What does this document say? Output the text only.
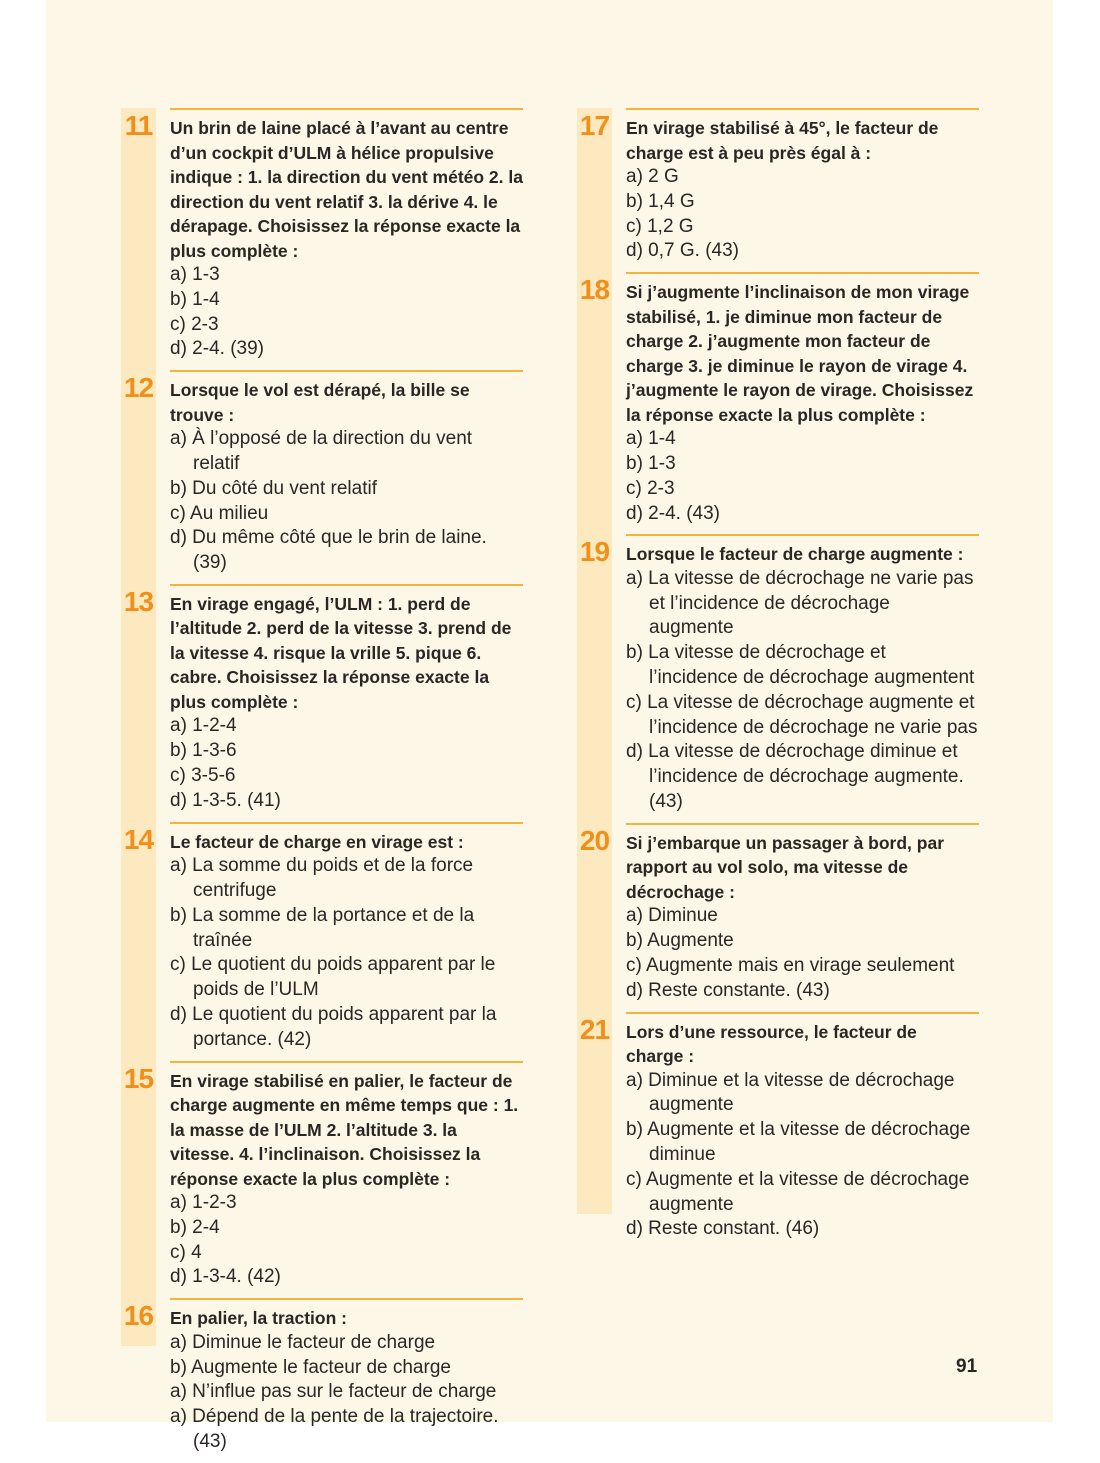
11 Un brin de laine placé à l’avant au centre d’un cockpit d’ULM à hélice propulsive indique : 1. la direction du vent météo 2. la direction du vent relatif 3. la dérive 4. le dérapage. Choisissez la réponse exacte la plus complète :
a) 1-3
b) 1-4
c) 2-3
d) 2-4. (39)
12 Lorsque le vol est dérapé, la bille se trouve :
a) À l’opposé de la direction du vent relatif
b) Du côté du vent relatif
c) Au milieu
d) Du même côté que le brin de laine. (39)
13 En virage engagé, l’ULM : 1. perd de l’altitude 2. perd de la vitesse 3. prend de la vitesse 4. risque la vrille 5. pique 6. cabre. Choisissez la réponse exacte la plus complète :
a) 1-2-4
b) 1-3-6
c) 3-5-6
d) 1-3-5. (41)
14 Le facteur de charge en virage est :
a) La somme du poids et de la force centrifuge
b) La somme de la portance et de la traînée
c) Le quotient du poids apparent par le poids de l’ULM
d) Le quotient du poids apparent par la portance. (42)
15 En virage stabilisé en palier, le facteur de charge augmente en même temps que : 1. la masse de l’ULM 2. l’altitude 3. la vitesse. 4. l’inclinaison. Choisissez la réponse exacte la plus complète :
a) 1-2-3
b) 2-4
c) 4
d) 1-3-4. (42)
16 En palier, la traction :
a) Diminue le facteur de charge
b) Augmente le facteur de charge
a) N’influe pas sur le facteur de charge
a) Dépend de la pente de la trajectoire. (43)
17 En virage stabilisé à 45°, le facteur de charge est à peu près égal à :
a) 2 G
b) 1,4 G
c) 1,2 G
d) 0,7 G. (43)
18 Si j’augmente l’inclinaison de mon virage stabilisé, 1. je diminue mon facteur de charge 2. j’augmente mon facteur de charge 3. je diminue le rayon de virage 4. j’augmente le rayon de virage. Choisissez la réponse exacte la plus complète :
a) 1-4
b) 1-3
c) 2-3
d) 2-4. (43)
19 Lorsque le facteur de charge augmente :
a) La vitesse de décrochage ne varie pas et l’incidence de décrochage augmente
b) La vitesse de décrochage et l’incidence de décrochage augmentent
c) La vitesse de décrochage augmente et l’incidence de décrochage ne varie pas
d) La vitesse de décrochage diminue et l’incidence de décrochage augmente. (43)
20 Si j’embarque un passager à bord, par rapport au vol solo, ma vitesse de décrochage :
a) Diminue
b) Augmente
c) Augmente mais en virage seulement
d) Reste constante. (43)
21 Lors d’une ressource, le facteur de charge :
a) Diminue et la vitesse de décrochage augmente
b) Augmente et la vitesse de décrochage diminue
c) Augmente et la vitesse de décrochage augmente
d) Reste constant. (46)
91
